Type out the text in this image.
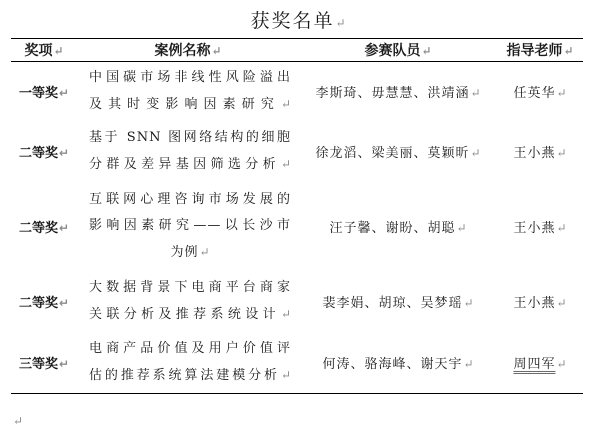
获奖名单↵
奖项↵	案例名称↵	参赛队员↵	指导老师↵
一等奖↵	中国碳市场非线性风险溢出
及其时变影响因素研究↵	李斯琦、毋慧慧、洪靖涵↵	任英华↵
二等奖↵	基于 SNN 图网络结构的细胞
分群及差异基因筛选分析↵	徐龙滔、梁美丽、莫颖昕↵	王小燕↵
二等奖↵	互联网心理咨询市场发展的
影响因素研究——以长沙市
为例↵	汪子馨、谢盼、胡聪↵	王小燕↵
二等奖↵	大数据背景下电商平台商家
关联分析及推荐系统设计↵	裴李娟、胡琼、吴梦瑶↵	王小燕↵
三等奖↵	电商产品价值及用户价值评
估的推荐系统算法建模分析↵	何涛、骆海峰、谢天宇↵	周四军↵
↵
